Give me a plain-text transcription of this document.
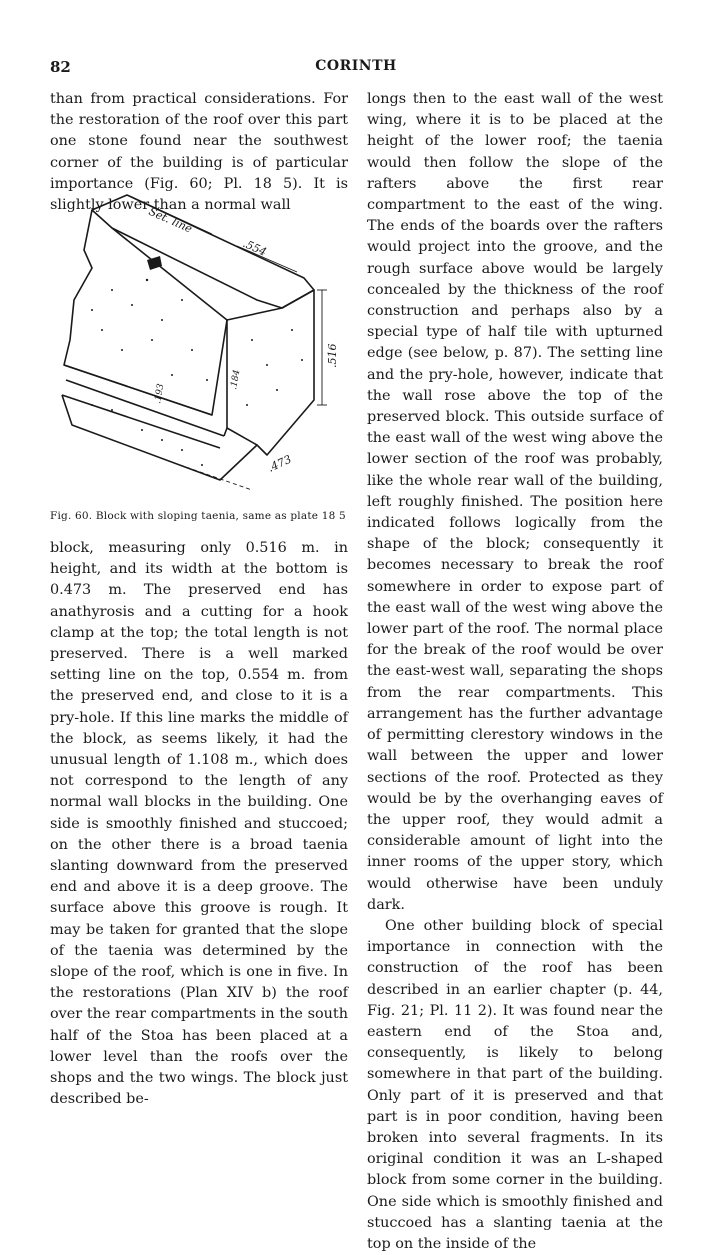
82	CORINTH

than from practical considerations. For the restoration of the roof over this part one stone found near the southwest corner of the building is of particular importance (Fig. 60; Pl. 18 5). It is slightly lower than a normal wall

Set. line
.554
.516
.473
.184
.193
Fig. 60. Block with sloping taenia, same as plate 18 5

block, measuring only 0.516 m. in height, and its width at the bottom is 0.473 m. The preserved end has anathyrosis and a cutting for a hook clamp at the top; the total length is not preserved. There is a well marked setting line on the top, 0.554 m. from the preserved end, and close to it is a pry-hole. If this line marks the middle of the block, as seems likely, it had the unusual length of 1.108 m., which does not correspond to the length of any normal wall blocks in the building. One side is smoothly finished and stuccoed; on the other there is a broad taenia slanting downward from the preserved end and above it is a deep groove. The surface above this groove is rough. It may be taken for granted that the slope of the taenia was determined by the slope of the roof, which is one in five. In the restorations (Plan XIV b) the roof over the rear compartments in the south half of the Stoa has been placed at a lower level than the roofs over the shops and the two wings. The block just described be-

longs then to the east wall of the west wing, where it is to be placed at the height of the lower roof; the taenia would then follow the slope of the rafters above the first rear compartment to the east of the wing. The ends of the boards over the rafters would project into the groove, and the rough surface above would be largely concealed by the thickness of the roof construction and perhaps also by a special type of half tile with upturned edge (see below, p. 87). The setting line and the pry-hole, however, indicate that the wall rose above the top of the preserved block. This outside surface of the east wall of the west wing above the lower section of the roof was probably, like the whole rear wall of the building, left roughly finished. The position here indicated follows logically from the shape of the block; consequently it becomes necessary to break the roof somewhere in order to expose part of the east wall of the west wing above the lower part of the roof. The normal place for the break of the roof would be over the east-west wall, separating the shops from the rear compartments. This arrangement has the further advantage of permitting clerestory windows in the wall between the upper and lower sections of the roof. Protected as they would be by the overhanging eaves of the upper roof, they would admit a considerable amount of light into the inner rooms of the upper story, which would otherwise have been unduly dark.

One other building block of special importance in connection with the construction of the roof has been described in an earlier chapter (p. 44, Fig. 21; Pl. 11 2). It was found near the eastern end of the Stoa and, consequently, is likely to belong somewhere in that part of the building. Only part of it is preserved and that part is in poor condition, having been broken into several fragments. In its original condition it was an L-shaped block from some corner in the building. One side which is smoothly finished and stuccoed has a slanting taenia at the top on the inside of the
